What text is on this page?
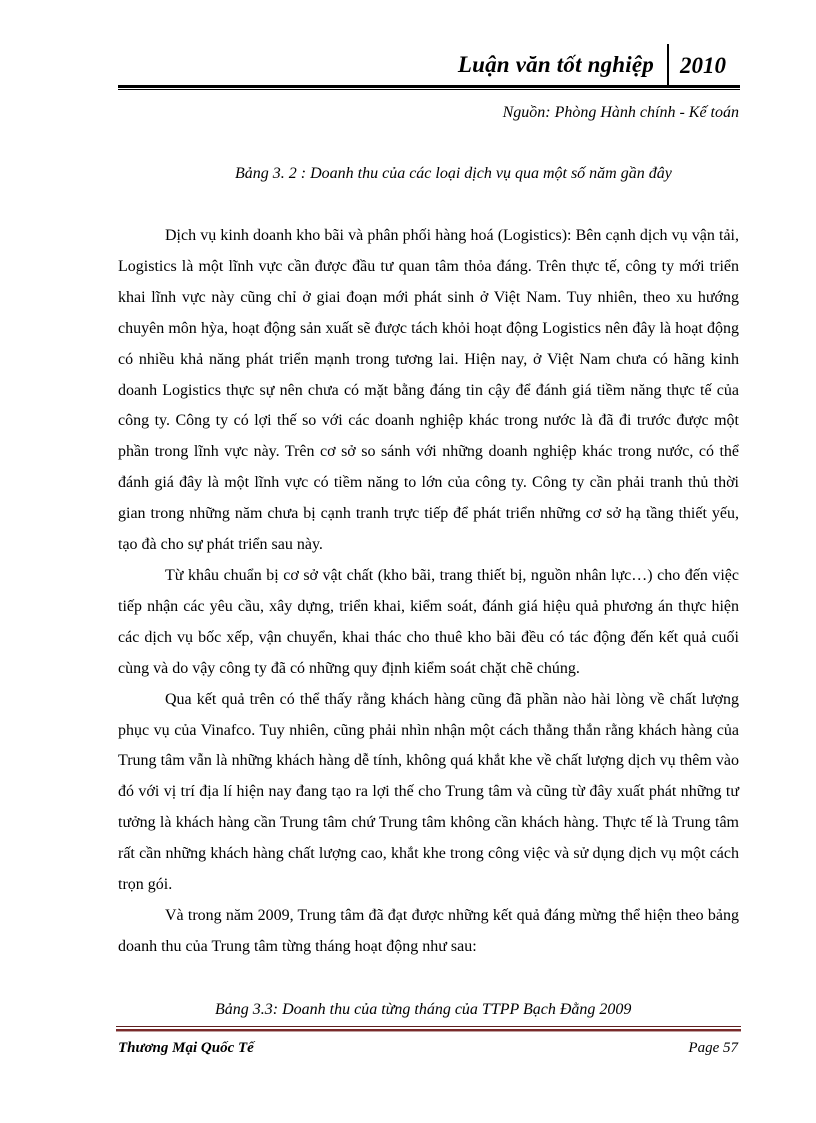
Luận văn tốt nghiệp 2010
Nguồn: Phòng Hành chính - Kế toán
Bảng 3. 2 : Doanh thu của các loại dịch vụ qua một số năm gần đây

Dịch vụ kinh doanh kho bãi và phân phối hàng hoá (Logistics): Bên cạnh dịch vụ vận tải, Logistics là một lĩnh vực cần được đầu tư quan tâm thỏa đáng. Trên thực tế, công ty mới triển khai lĩnh vực này cũng chỉ ở giai đoạn mới phát sinh ở Việt Nam. Tuy nhiên, theo xu hướng chuyên môn hỳa, hoạt động sản xuất sẽ được tách khỏi hoạt động Logistics nên đây là hoạt động có nhiều khả năng phát triển mạnh trong tương lai. Hiện nay, ở Việt Nam chưa có hãng kinh doanh Logistics thực sự nên chưa có mặt bằng đáng tin cậy để đánh giá tiềm năng thực tế của công ty. Công ty có lợi thế so với các doanh nghiệp khác trong nước là đã đi trước được một phần trong lĩnh vực này. Trên cơ sở so sánh với những doanh nghiệp khác trong nước, có thể đánh giá đây là một lĩnh vực có tiềm năng to lớn của công ty. Công ty cần phải tranh thủ thời gian trong những năm chưa bị cạnh tranh trực tiếp để phát triển những cơ sở hạ tầng thiết yếu, tạo đà cho sự phát triển sau này.

Từ khâu chuẩn bị cơ sở vật chất (kho bãi, trang thiết bị, nguồn nhân lực…) cho đến việc tiếp nhận các yêu cầu, xây dựng, triển khai, kiểm soát, đánh giá hiệu quả phương án thực hiện các dịch vụ bốc xếp, vận chuyển, khai thác cho thuê kho bãi đều có tác động đến kết quả cuối cùng và do vậy công ty đã có những quy định kiểm soát chặt chẽ chúng.

Qua kết quả trên có thể thấy rằng khách hàng cũng đã phần nào hài lòng về chất lượng phục vụ của Vinafco. Tuy nhiên, cũng phải nhìn nhận một cách thẳng thắn rằng khách hàng của Trung tâm vẫn là những khách hàng dễ tính, không quá khắt khe về chất lượng dịch vụ thêm vào đó với vị trí địa lí hiện nay đang tạo ra lợi thế cho Trung tâm và cũng từ đây xuất phát những tư tưởng là khách hàng cần Trung tâm chứ Trung tâm không cần khách hàng. Thực tế là Trung tâm rất cần những khách hàng chất lượng cao, khắt khe trong công việc và sử dụng dịch vụ một cách trọn gói.

Và trong năm 2009, Trung tâm đã đạt được những kết quả đáng mừng thể hiện theo bảng doanh thu của Trung tâm từng tháng hoạt động như sau:

Bảng 3.3: Doanh thu của từng tháng của TTPP Bạch Đằng 2009
Thương Mại Quốc Tế	Page 57
